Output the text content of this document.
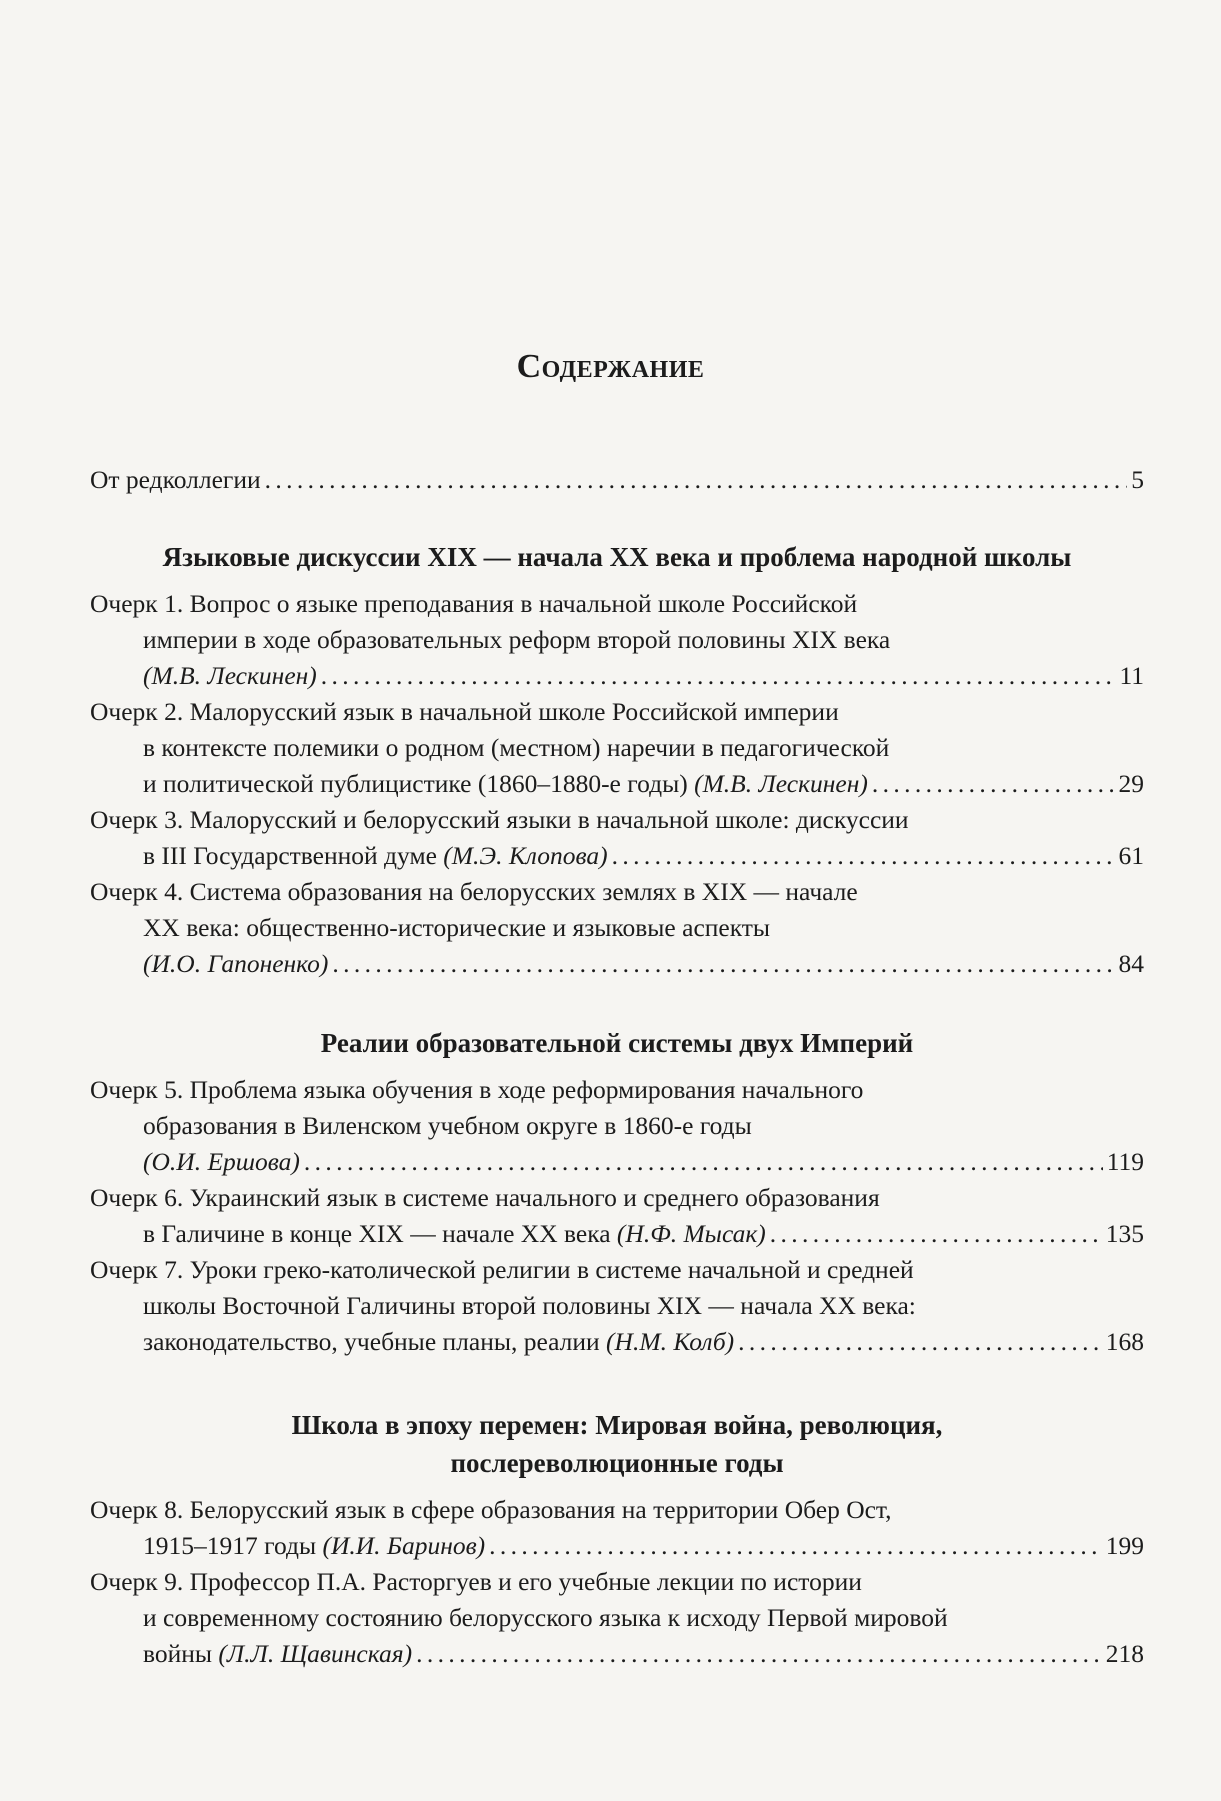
Содержание
От редколлегии . . .	5
Языковые дискуссии XIX — начала XX века и проблема народной школы
Очерк 1. Вопрос о языке преподавания в начальной школе Российской
империи в ходе образовательных реформ второй половины XIX века
(М.В. Лескинен) . . .	11
Очерк 2. Малорусский язык в начальной школе Российской империи
в контексте полемики о родном (местном) наречии в педагогической
и политической публицистике (1860–1880-е годы) (М.В. Лескинен) . . .	29
Очерк 3. Малорусский и белорусский языки в начальной школе: дискуссии
в III Государственной думе (М.Э. Клопова) . . .	61
Очерк 4. Система образования на белорусских землях в XIX — начале
XX века: общественно-исторические и языковые аспекты
(И.О. Гапоненко) . . .	84
Реалии образовательной системы двух Империй
Очерк 5. Проблема языка обучения в ходе реформирования начального
образования в Виленском учебном округе в 1860-е годы
(О.И. Ершова) . . .	119
Очерк 6. Украинский язык в системе начального и среднего образования
в Галичине в конце XIX — начале XX века (Н.Ф. Мысак) . . .	135
Очерк 7. Уроки греко-католической религии в системе начальной и средней
школы Восточной Галичины второй половины XIX — начала XX века:
законодательство, учебные планы, реалии (Н.М. Колб) . . .	168
Школа в эпоху перемен: Мировая война, революция,
послереволюционные годы
Очерк 8. Белорусский язык в сфере образования на территории Обер Ост,
1915–1917 годы (И.И. Баринов) . . .	199
Очерк 9. Профессор П.А. Расторгуев и его учебные лекции по истории
и современному состоянию белорусского языка к исходу Первой мировой
войны (Л.Л. Щавинская) . . .	218
